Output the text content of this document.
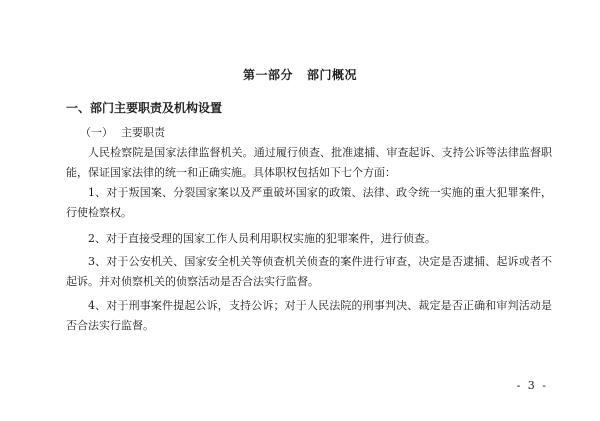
第一部分 部门概况
一、部门主要职责及机构设置
（一） 主要职责
人民检察院是国家法律监督机关。通过履行侦查、批准逮捕、审查起诉、支持公诉等法律监督职能，保证国家法律的统一和正确实施。具体职权包括如下七个方面：
1、对于叛国案、分裂国家案以及严重破坏国家的政策、法律、政令统一实施的重大犯罪案件，行使检察权。
2、对于直接受理的国家工作人员利用职权实施的犯罪案件，进行侦查。
3、对于公安机关、国家安全机关等侦查机关侦查的案件进行审查，决定是否逮捕、起诉或者不起诉。并对侦察机关的侦察活动是否合法实行监督。
4、对于刑事案件提起公诉，支持公诉；对于人民法院的刑事判决、裁定是否正确和审判活动是否合法实行监督。
- 3 -
